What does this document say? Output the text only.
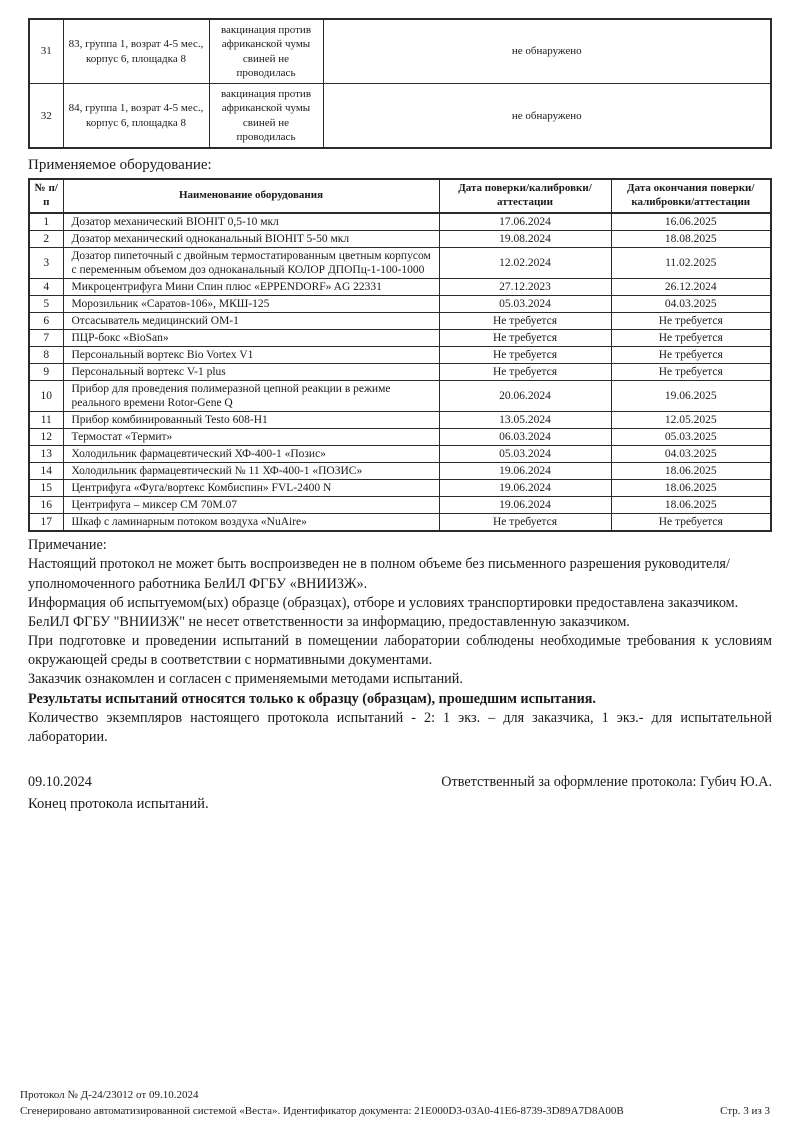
31	83, группа 1, возрат 4-5 мес., корпус 6, площадка 8	вакцинация против африканской чумы свиней не проводилась	не обнаружено
32	84, группа 1, возрат 4-5 мес., корпус 6, площадка 8	вакцинация против африканской чумы свиней не проводилась	не обнаружено
Применяемое оборудование:
№ п/п	Наименование оборудования	Дата поверки/калибровки/аттестации	Дата окончания поверки/калибровки/аттестации
1	Дозатор механический BIOHIT 0,5-10 мкл	17.06.2024	16.06.2025
2	Дозатор механический одноканальный BIOHIT 5-50 мкл	19.08.2024	18.08.2025
3	Дозатор пипеточный с двойным термостатированным цветным корпусом с переменным объемом доз одноканальный КОЛОР ДПОПц-1-100-1000	12.02.2024	11.02.2025
4	Микроцентрифуга Мини Спин плюс «EPPENDORF» AG 22331	27.12.2023	26.12.2024
5	Морозильник «Саратов-106», МКШ-125	05.03.2024	04.03.2025
6	Отсасыватель медицинский ОМ-1	Не требуется	Не требуется
7	ПЦР-бокс «BioSan»	Не требуется	Не требуется
8	Персональный вортекс Bio Vortex V1	Не требуется	Не требуется
9	Персональный вортекс V-1 plus	Не требуется	Не требуется
10	Прибор для проведения полимеразной цепной реакции в режиме реального времени Rotor-Gene Q	20.06.2024	19.06.2025
11	Прибор комбинированный Testo 608-H1	13.05.2024	12.05.2025
12	Термостат «Термит»	06.03.2024	05.03.2025
13	Холодильник фармацевтический ХФ-400-1 «Позис»	05.03.2024	04.03.2025
14	Холодильник фармацевтический № 11 ХФ-400-1 «ПОЗИС»	19.06.2024	18.06.2025
15	Центрифуга «Фуга/вортекс Комбиспин» FVL-2400 N	19.06.2024	18.06.2025
16	Центрифуга – миксер СМ 70М.07	19.06.2024	18.06.2025
17	Шкаф с ламинарным потоком воздуха «NuAire»	Не требуется	Не требуется

Примечание:

Настоящий протокол не может быть воспроизведен не в полном объеме без письменного разрешения руководителя/уполномоченного работника БелИЛ ФГБУ «ВНИИЗЖ».

Информация об испытуемом(ых) образце (образцах), отборе и условиях транспортировки предоставлена заказчиком.

БелИЛ ФГБУ "ВНИИЗЖ" не несет ответственности за информацию, предоставленную заказчиком.

При подготовке и проведении испытаний в помещении лаборатории соблюдены необходимые требования к условиям окружающей среды в соответствии с нормативными документами.

Заказчик ознакомлен и согласен с применяемыми методами испытаний.

Результаты испытаний относятся только к образцу (образцам), прошедшим испытания.

Количество экземпляров настоящего протокола испытаний - 2: 1 экз. – для заказчика, 1 экз.- для испытательной лаборатории.

09.10.2024	Ответственный за оформление протокола: Губич Ю.А.
Конец протокола испытаний.
Протокол № Д-24/23012 от 09.10.2024
Сгенерировано автоматизированной системой «Веста». Идентификатор документа: 21E000D3-03A0-41E6-8739-3D89A7D8A00B	Стр. 3 из 3
